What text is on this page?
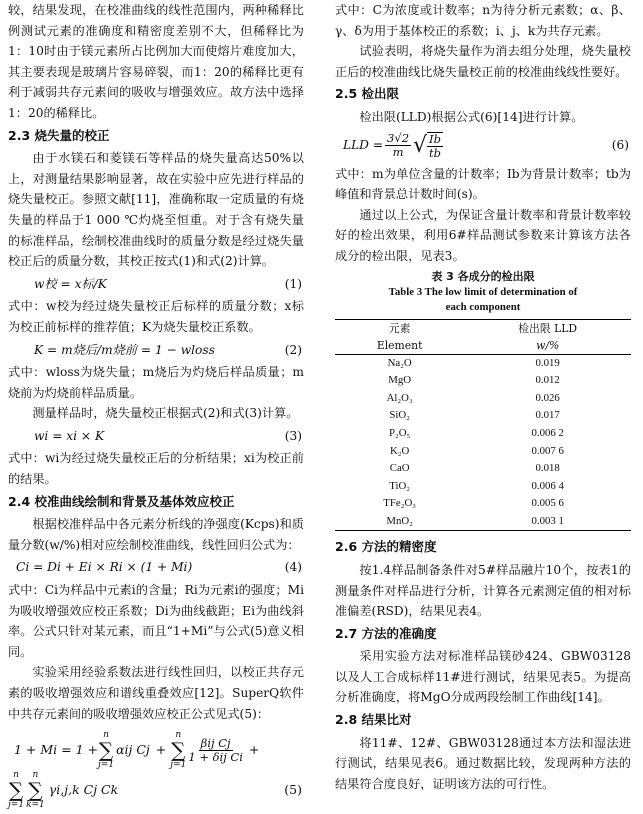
较，结果发现，在校准曲线的线性范围内，两种稀释比例测试元素的准确度和精密度差别不大，但稀释比为1：10时由于镁元素所占比例加大而使熔片难度加大，其主要表现是玻璃片容易碎裂，而1：20的稀释比更有利于减弱共存元素间的吸收与增强效应。故方法中选择1：20的稀释比。

2.3 烧失量的校正

由于水镁石和菱镁石等样品的烧失量高达50%以上，对测量结果影响显著，故在实验中应先进行样品的烧失量校正。参照文献[11]，准确称取一定质量的有烧失量的样品于1 000 ℃灼烧至恒重。对于含有烧失量的标准样品，绘制校准曲线时的质量分数是经过烧失量校正后的质量分数，其校正按式(1)和式(2)计算。

w校 = x标/K	(1)

式中：w校为经过烧失量校正后标样的质量分数；x标为校正前标样的推荐值；K为烧失量校正系数。

K = m烧后/m烧前 = 1 − wloss	(2)

式中：wloss为烧失量；m烧后为灼烧后样品质量；m烧前为灼烧前样品质量。

测量样品时，烧失量校正根据式(2)和式(3)计算。

wi = xi × K	(3)

式中：wi为经过烧失量校正后的分析结果；xi为校正前的结果。

2.4 校准曲线绘制和背景及基体效应校正

根据校准样品中各元素分析线的净强度(Kcps)和质量分数(w/%)相对应绘制校准曲线，线性回归公式为：

Ci = Di + Ei × Ri × (1 + Mi)	(4)

式中：Ci为样品中元素i的含量；Ri为元素i的强度；Mi为吸收增强效应校正系数；Di为曲线截距；Ei为曲线斜率。公式只针对某元素，而且“1+Mi”与公式(5)意义相同。

实验采用经验系数法进行线性回归，以校正共存元素的吸收增强效应和谱线重叠效应[12]。SuperQ软件中共存元素间的吸收增强效应校正公式见式(5)：

1 + Mi = 1 +
n
∑
j=1
αij Cj +
n
∑
j=1
$\frac{\text{βij Cj}}{\text{1 + δij Ci}}$ +
n
∑
j=1
n
∑
k=1
γi,j,k Cj Ck	(5)

式中：C为浓度或计数率；n为待分析元素数；α、β、γ、δ为用于基体校正的系数；i、j、k为共存元素。

试验表明，将烧失量作为消去组分处理，烧失量校正后的校准曲线比烧失量校正前的校准曲线线性要好。

2.5 检出限

检出限(LLD)根据公式(6)[14]进行计算。

LLD = $\frac{3√2}{m}$ √ $\frac{Ib}{tb}$	(6)

式中：m为单位含量的计数率；Ib为背景计数率；tb为峰值和背景总计数时间(s)。

通过以上公式，为保证含量计数率和背景计数率较好的检出效果，利用6#样品测试参数来计算该方法各成分的检出限，见表3。

表 3 各成分的检出限
Table 3 The low limit of determination of
each component
元素	检出限 LLD
Element	w/%
Na₂O	0.019
MgO	0.012
Al₂O₃	0.026
SiO₂	0.017
P₂O₅	0.006 2
K₂O	0.007 6
CaO	0.018
TiO₂	0.006 4
TFe₂O₃	0.005 6
MnO₂	0.003 1
2.6 方法的精密度

按1.4样品制备条件对5#样品融片10个，按表1的测量条件对样品进行分析，计算各元素测定值的相对标准偏差(RSD)，结果见表4。

2.7 方法的准确度

采用实验方法对标准样品镁砂424、GBW03128以及人工合成标样11#进行测试，结果见表5。为提高分析准确度，将MgO分成两段绘制工作曲线[14]。

2.8 结果比对

将11#、12#、GBW03128通过本方法和湿法进行测试，结果见表6。通过数据比较，发现两种方法的结果符合度良好，证明该方法的可行性。
